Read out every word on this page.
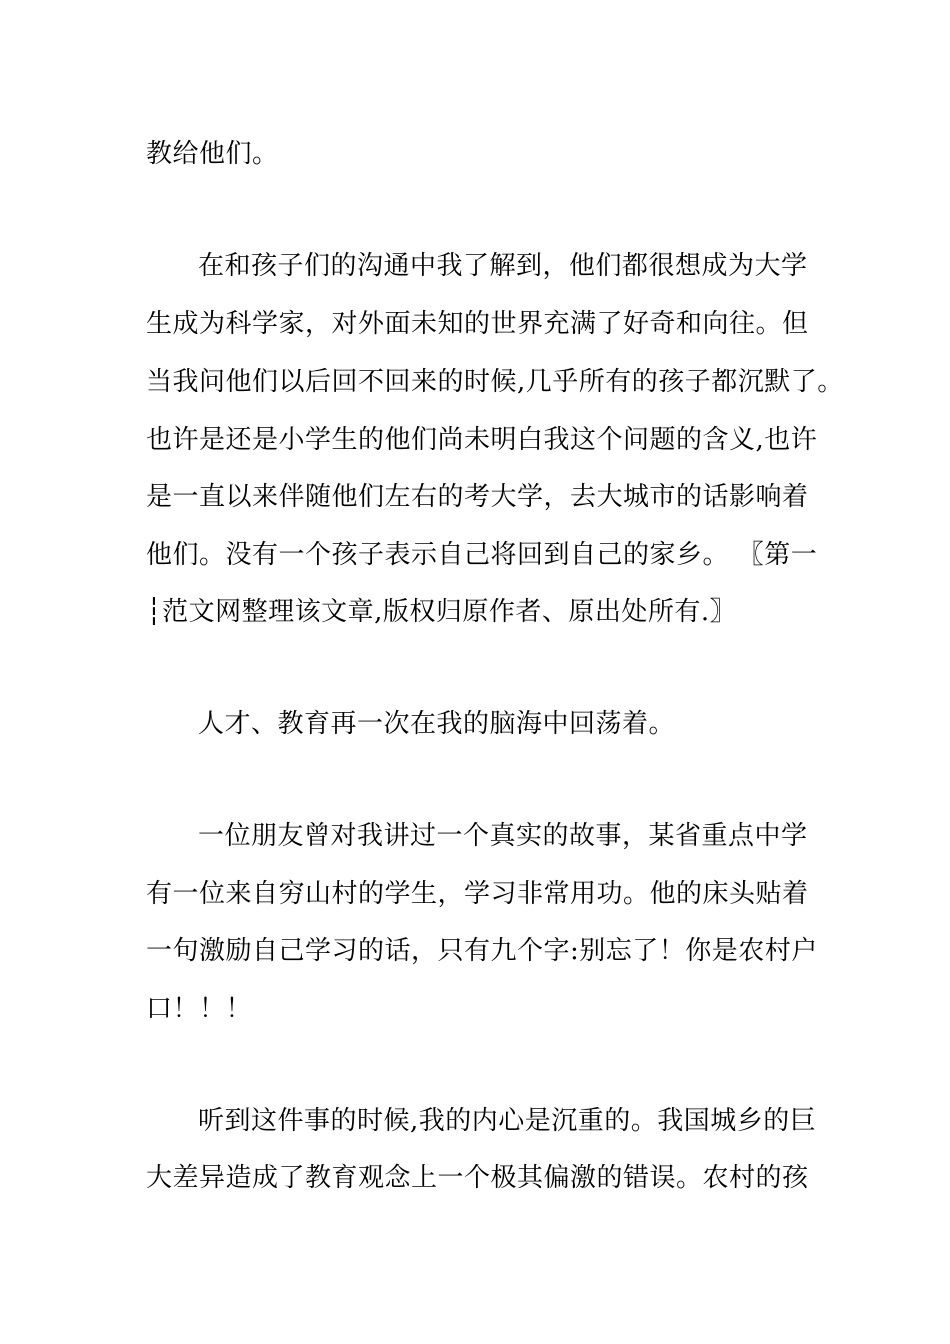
教给他们。
在和孩子们的沟通中我了解到，他们都很想成为大学
生成为科学家，对外面未知的世界充满了好奇和向往。但
当我问他们以后回不回来的时候,几乎所有的孩子都沉默了。
也许是还是小学生的他们尚未明白我这个问题的含义,也许
是一直以来伴随他们左右的考大学，去大城市的话影响着
他们。没有一个孩子表示自己将回到自己的家乡。 〖第一
┆范文网整理该文章,版权归原作者、原出处所有.〗
人才、教育再一次在我的脑海中回荡着。
一位朋友曾对我讲过一个真实的故事，某省重点中学
有一位来自穷山村的学生，学习非常用功。他的床头贴着
一句激励自己学习的话，只有九个字:别忘了！你是农村户
口！！！
听到这件事的时候,我的内心是沉重的。我国城乡的巨
大差异造成了教育观念上一个极其偏激的错误。农村的孩
